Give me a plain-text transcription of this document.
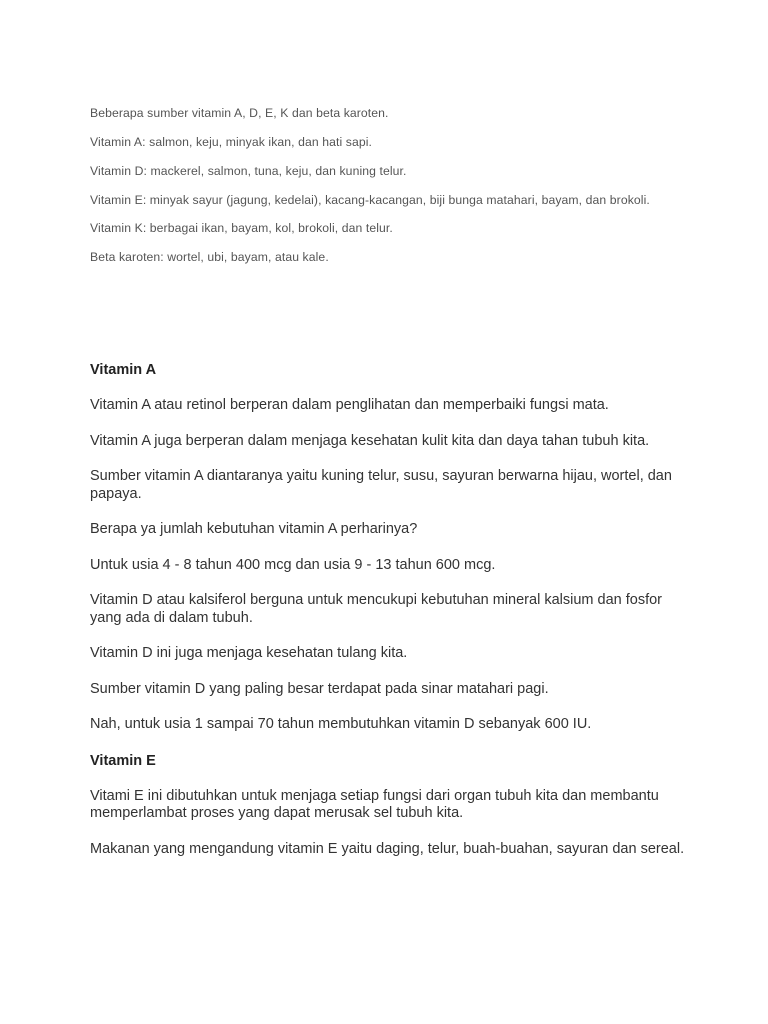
Beberapa sumber vitamin A, D, E, K dan beta karoten.

Vitamin A: salmon, keju, minyak ikan, dan hati sapi.

Vitamin D: mackerel, salmon, tuna, keju, dan kuning telur.

Vitamin E: minyak sayur (jagung, kedelai), kacang-kacangan, biji bunga matahari, bayam, dan brokoli.

Vitamin K: berbagai ikan, bayam, kol, brokoli, dan telur.

Beta karoten: wortel, ubi, bayam, atau kale.

Vitamin A

Vitamin A atau retinol berperan dalam penglihatan dan memperbaiki fungsi mata.

Vitamin A juga berperan dalam menjaga kesehatan kulit kita dan daya tahan tubuh kita.

Sumber vitamin A diantaranya yaitu kuning telur, susu, sayuran berwarna hijau, wortel, dan papaya.

Berapa ya jumlah kebutuhan vitamin A perharinya?

Untuk usia 4 - 8 tahun 400 mcg dan usia 9 - 13 tahun 600 mcg.

Vitamin D atau kalsiferol berguna untuk mencukupi kebutuhan mineral kalsium dan fosfor yang ada di dalam tubuh.

Vitamin D ini juga menjaga kesehatan tulang kita.

Sumber vitamin D yang paling besar terdapat pada sinar matahari pagi.

Nah, untuk usia 1 sampai 70 tahun membutuhkan vitamin D sebanyak 600 IU.

Vitamin E

Vitami E ini dibutuhkan untuk menjaga setiap fungsi dari organ tubuh kita dan membantu memperlambat proses yang dapat merusak sel tubuh kita.

Makanan yang mengandung vitamin E yaitu daging, telur, buah-buahan, sayuran dan sereal.
